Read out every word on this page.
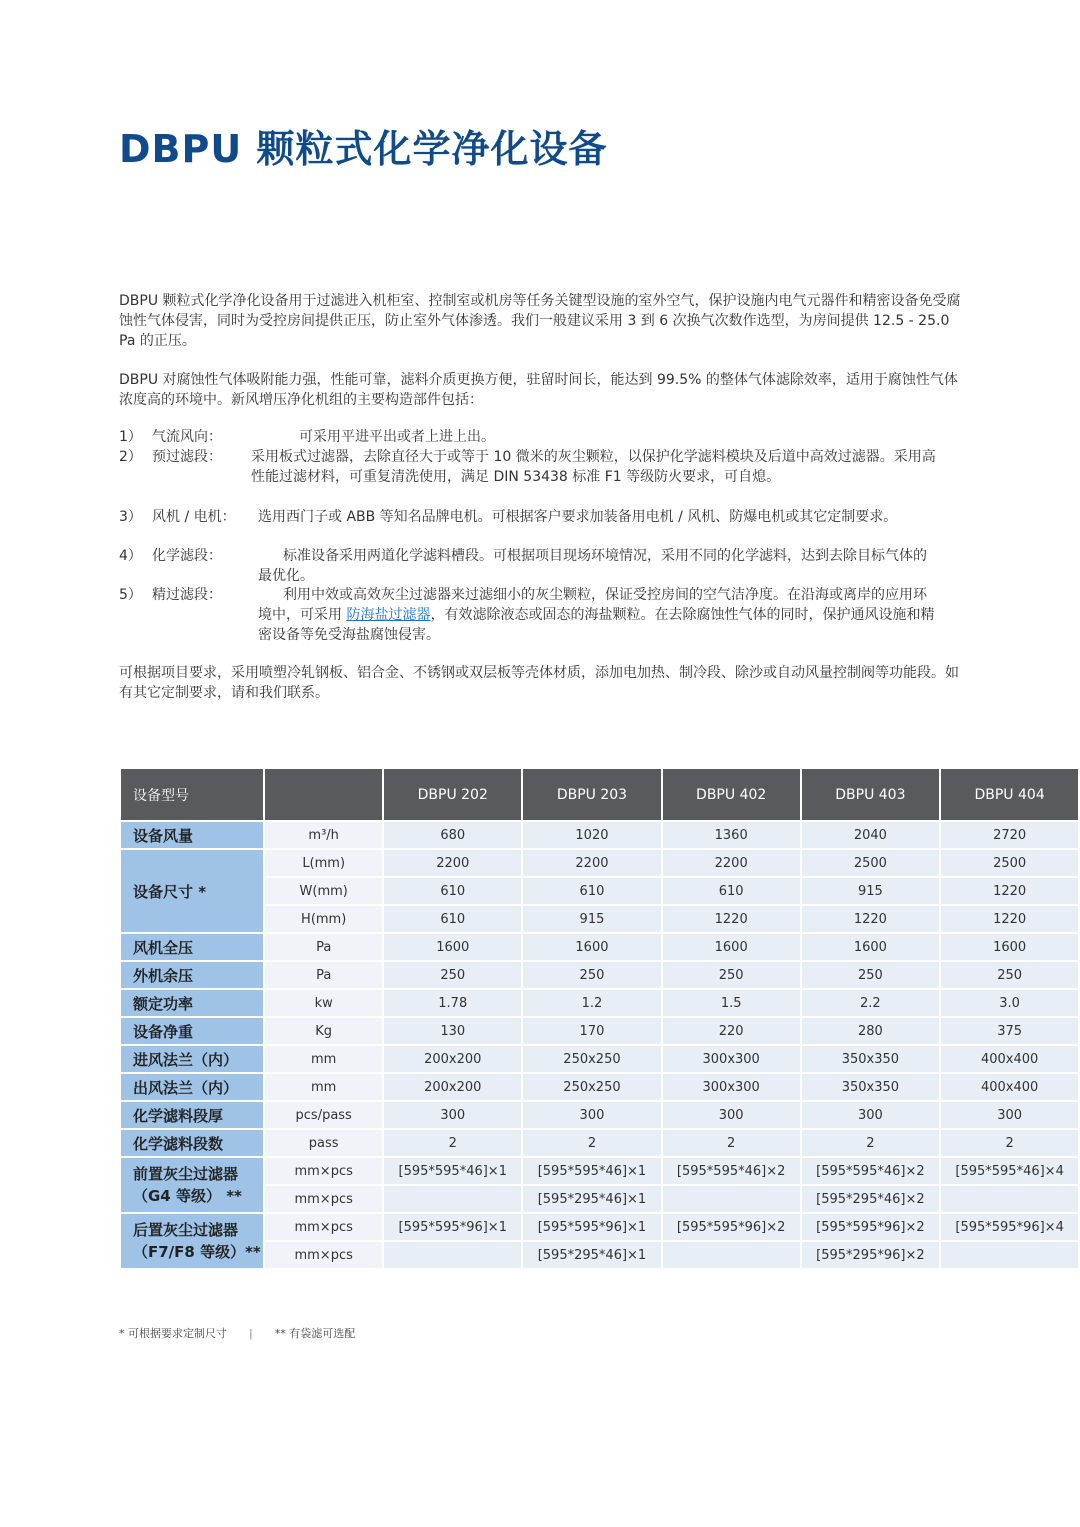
DBPU 颗粒式化学净化设备

DBPU 颗粒式化学净化设备用于过滤进入机柜室、控制室或机房等任务关键型设施的室外空气，保护设施内电气元器件和精密设备免受腐蚀性气体侵害，同时为受控房间提供正压，防止室外气体渗透。我们一般建议采用 3 到 6 次换气次数作选型，为房间提供 12.5 - 25.0 Pa 的正压。

DBPU 对腐蚀性气体吸附能力强，性能可靠，滤料介质更换方便，驻留时间长，能达到 99.5% 的整体气体滤除效率，适用于腐蚀性气体浓度高的环境中。新风增压净化机组的主要构造部件包括：

1） 气流风向：	可采用平进平出或者上进上出。
2） 预过滤段： 采用板式过滤器，去除直径大于或等于 10 微米的灰尘颗粒，以保护化学滤料模块及后道中高效过滤器。采用高性能过滤材料，可重复清洗使用，满足 DIN 53438 标准 F1 等级防火要求，可自熄。
3） 风机 / 电机： 选用西门子或 ABB 等知名品牌电机。可根据客户要求加装备用电机 / 风机、防爆电机或其它定制要求。
4） 化学滤段：	标准设备采用两道化学滤料槽段。可根据项目现场环境情况，采用不同的化学滤料，达到去除目标气体的最优化。
5） 精过滤段：	利用中效或高效灰尘过滤器来过滤细小的灰尘颗粒，保证受控房间的空气洁净度。在沿海或离岸的应用环境中，可采用 防海盐过滤器，有效滤除液态或固态的海盐颗粒。在去除腐蚀性气体的同时，保护通风设施和精密设备等免受海盐腐蚀侵害。

可根据项目要求，采用喷塑冷轧钢板、铝合金、不锈钢或双层板等壳体材质，添加电加热、制冷段、除沙或自动风量控制阀等功能段。如有其它定制要求，请和我们联系。

设备型号		DBPU 202	DBPU 203	DBPU 402	DBPU 403	DBPU 404
设备风量	m³/h	680	1020	1360	2040	2720
设备尺寸 *	L(mm)	2200	2200	2200	2500	2500
	W(mm)	610	610	610	915	1220
	H(mm)	610	915	1220	1220	1220
风机全压	Pa	1600	1600	1600	1600	1600
外机余压	Pa	250	250	250	250	250
额定功率	kw	1.78	1.2	1.5	2.2	3.0
设备净重	Kg	130	170	220	280	375
进风法兰（内）	mm	200x200	250x250	300x300	350x350	400x400
出风法兰（内）	mm	200x200	250x250	300x300	350x350	400x400
化学滤料段厚	pcs/pass	300	300	300	300	300
化学滤料段数	pass	2	2	2	2	2
前置灰尘过滤器
（G4 等级） **	mm×pcs	[595*595*46]×1	[595*595*46]×1	[595*595*46]×2	[595*595*46]×2	[595*595*46]×4
	mm×pcs		[595*295*46]×1		[595*295*46]×2	
后置灰尘过滤器
（F7/F8 等级）**	mm×pcs	[595*595*96]×1	[595*595*96]×1	[595*595*96]×2	[595*595*96]×2	[595*595*96]×4
	mm×pcs		[595*295*46]×1		[595*295*96]×2	
* 可根据要求定制尺寸 | ** 有袋滤可选配
